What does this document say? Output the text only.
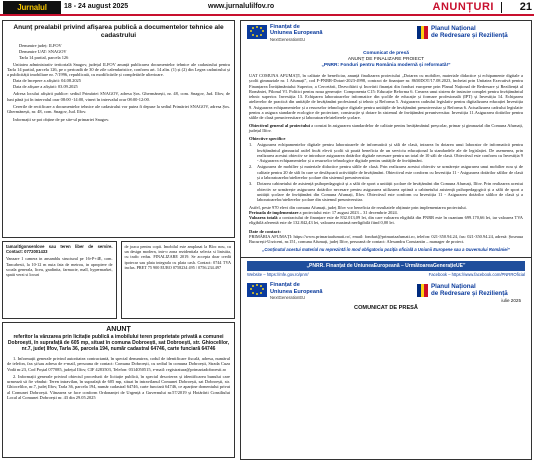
Jurnalul	18 - 24 august 2025	www.jurnalulilfov.ro	ANUNȚURI 21
Anunț prealabil privind afișarea publică a documentelor tehnice ale cadastrului
Denumire județ: ILFOV
Denumire UAT: SNAGOV
Tarla 14 partial, parcela 126
Unitatea administrativ teritorială Snagov, județul ILFOV anunță publicarea documentelor tehnice ale cadastrului pentru Tarla 14 partial, parcela 126, pe o perioadă de 30 de zile calendaristice, conform art. 14 alin. (1) și (2) din Legea cadastrului și a publicității imobiliare nr. 7/1996, republicată, cu modificările și completările ulterioare.
Data de începere a afișării: 04.08.2025
Data de afișare a afișării: 03.09.2025
Adresa locului afișării publice: sediul Primăriei SNAGOV, adresa Șos. Ghermănești, nr. 48, com. Snagov, Jud. Ilfov, de luni până joi în intervalul orar 08:00 -14:00, vineri în intervalul orar 08:00-12:00.
Cererile de rectificare a documentelor tehnice ale cadastrului vor putea fi depuse la sediul Primăriei SNAGOV, adresa Șos. Ghermănești, nr. 48, com. Snagov, Jud. Ilfov.
Informații se pot obține de pe site-ul primariei Snagov.
tamarit/gonsenlove sau teren liber de servire. Contact: 0772001433
Vanzare 1 camera in ansamblu structural pe 16+P+4E, com. Tancabesti, la 10-12 m nuta fata de metrou, in apropiere de scoala generala, liceu, gradinita, farmacie, mall, hypermarket, spatii verzi si locuri
de joaca pentru copii. Imobilul este amplasat la Bloc nou, cu un design modern, intr-o zona rezidentiala selecta si linistita, cu trafic redus. FINALIZARE 2019. Se accepta doar credit ipotecar sau plata integrala cu plata cash. Contact: 0744 TVA inclus. PRET 75 900 EURO 0758234 495 / 0756.234.497
ANUNȚ
referitor la vânzarea prin licitație publică a imobilului teren proprietate privată a comunei Dobroești, în suprafață de 605 mp, situat în comuna Dobroești, sat Dobroești, str. Ghiocelilor, nr.7, județ Ilfov, Tarla 36, parcela 194, număr cadastral 64746, carte funciară 64746
1. Informații generale privind autoritatea contractantă, în special denumirea, codul de identificare fiscală, adresa, numărul de telefon, fax și/sau adresa de e-mail, persoana de contact: Comuna Dobroești, cu sediul în comuna Dobroești, Strada Cuza Vodă nr.23, Cod Poștal 077085, județul Ilfov, CIF 4283503, Telefon: 0314050515, e-mail: registratura@primariadobroesti.ro
2. Informații generale privind obiectul procedurii de licitație publică, în special descrierea și identificarea bunului care urmează să fie vândut: Teren intravilan, în suprafață de 605 mp, situat în intravilanul Comunei Dobroești, sat Dobroești, str. Ghiocelilor, nr.7, județ Ilfov, Tarla 36, parcela 194, număr cadastral 64746, carte funciară 64746, ce aparține domeniului privat al Comunei Dobroești. Vânzarea se face conform Ordonanței de Urgență a Guvernului nr.57/2019 și Hotărârii Consiliului Local al Comunei Dobroești nr. 43 din 29.05.2025
Finanțat de
Uniunea Europeană
NextGenerationEU
Planul Național
de Redresare și Reziliență
Comunicat de presă
ANUNȚ DE FINALIZARE PROIECT
„PNRR: Fonduri pentru România modernă și reformată!”
UAT COMUNA AFUMAȚI, în calitate de beneficiar, anunță finalizarea proiectului „Dotarea cu mobilier, materiale didactice și echipamente digitale a școlii gimnaziale nr. 1 Afumați”, cod F-PNRR-Dotari-2023-4998, contract de finanțare nr. 8650DOT/17.08.2023, încheiat prin Unitatea Executivă pentru Finanțarea Învățământului Superior, a Cercetării, Dezvoltării și Inovării finanțat din fonduri europene prin Planul Național de Redresare și Reziliență al României, Pilonul VI. Politici pentru noua generație: Componenta C15: Educație Reforma 6. Crearea unui sistem de instruire complet pentru învățământul tehnic superior. Investiția 13. Echiparea laboratoarelor informatice din școlile de educație și formare profesională (IPT) și Investiția 14. Echiparea atelierelor de practică din unitățile de învățământ profesional și tehnic și Reforma 5. Asigurarea cadrului legislativ pentru digitalizarea educației Investiția 9. Asigurarea echipamentelor și a resurselor tehnologice digitale pentru unitățile de învățământ preuniversitar și Reforma 6. Actualizarea cadrului legislativ pentru a asigura standarde ecologice de proiectare, construcție și dotare în sistemul de învățământ preuniversitar. Investiția 11.Asigurarea dotărilor pentru sălile de clasă preuniversitare și laboratoarele/atelierele școlare.
Obiectivul general al proiectului a constat în asigurarea standardelor de calitate pentru învățământul preșcolar, primar și gimnazial din Comuna Afumați, județul Ilfov.
Obiective specifice
1. Asigurarea echipamentelor digitale pentru laboratoarele de informatică și săli de clasă, intrarea în dotarea unui laborator de informatică pentru învățământul gimnazial astfel încât elevii școlii să poată beneficia de un serviciu educațional la standardele ale de legislației. De asemenea, prin realizarea acestui obiectiv se introduce asigurarea dotărilor digitale necesare pentru un total de 10 săli de clasă. Obiectivul este conform cu Investiția 9 - Asigurarea echipamentelor și a resurselor tehnologice digitale pentru unitățile de învățământ.
2. Asigurarea de mobilier și materiale didactice pentru sălile de clasă. Prin realizarea acestui obiectiv se urmărește asigurarea unui mobilier nou și de calitate pentru 20 de săli în care se desfășoară activitățile de învățământ. Obiectivul este conform cu Investiția 11 - Asigurarea dotărilor sălilor de clasă și a laboratoarelor/atelierelor școlare din sistemul preuniversitar.
3. Dotarea cabinetului de asistență psihopedagogică și a sălii de sport a unității școlare de învățământ din Comuna Afumați, Ilfov. Prin realizarea acestui obiectiv se urmărește asigurarea dotărilor necesare pentru asigurarea utilizarea optimă a cabinetului asistență psihopedagogică și a sălii de sport a unității școlare de învățământ din Comuna Afumați, Ilfov. Obiectivul este conform cu Investiția 11 - Asigurarea dotărilor sălilor de clasă și a laboratoarelor/atelierelor școlare din sistemul preuniversitar.
Astfel, peste 970 elevi din comuna Afumați, județ Ilfov vor beneficia de rezultatele obținute prin implementarea proiectului.
Perioada de implementare a proiectului este: 17 august 2023 – 31 decembrie 2024.
Valoarea totală a contractului de finanțare este de 832.013,09 lei, din care valoarea eligibilă din PNRR este în cuantum 699.170,66 lei, iar valoarea TVA eligibilă aferentă este de 132.842,43 lei, valoarea maximă neeligibilă fiind 0,00 lei.
Date de contact:
PRIMĂRIA AFUMAȚI: https://www.primariaafumati.ro/, email: fonduri@primariaafumati.ro, telefon: 021-350.94.24, fax: 021-350.94.24, adresă: Șoseaua București-Urziceni, nr.151, comuna Afumați, județ Ilfov, persoană de contact: Alexandru Constantin – manager de proiect.
„Conținutul acestui material nu reprezintă în mod obligatoriu poziția oficială a Uniunii Europene sau a Guvernului României”
„PNRR. Finanțat de UniuneaEuropeană – UrmătoareaGenerațieUE”
Website – https://mfe.gov.ro/pnrr/	Facebook – https://www.facebook.com/PNRROficial
Finanțat de
Uniunea Europeană
NextGenerationEU
Planul Național
de Redresare și Reziliență
iulie 2025
COMUNICAT DE PRESĂ
